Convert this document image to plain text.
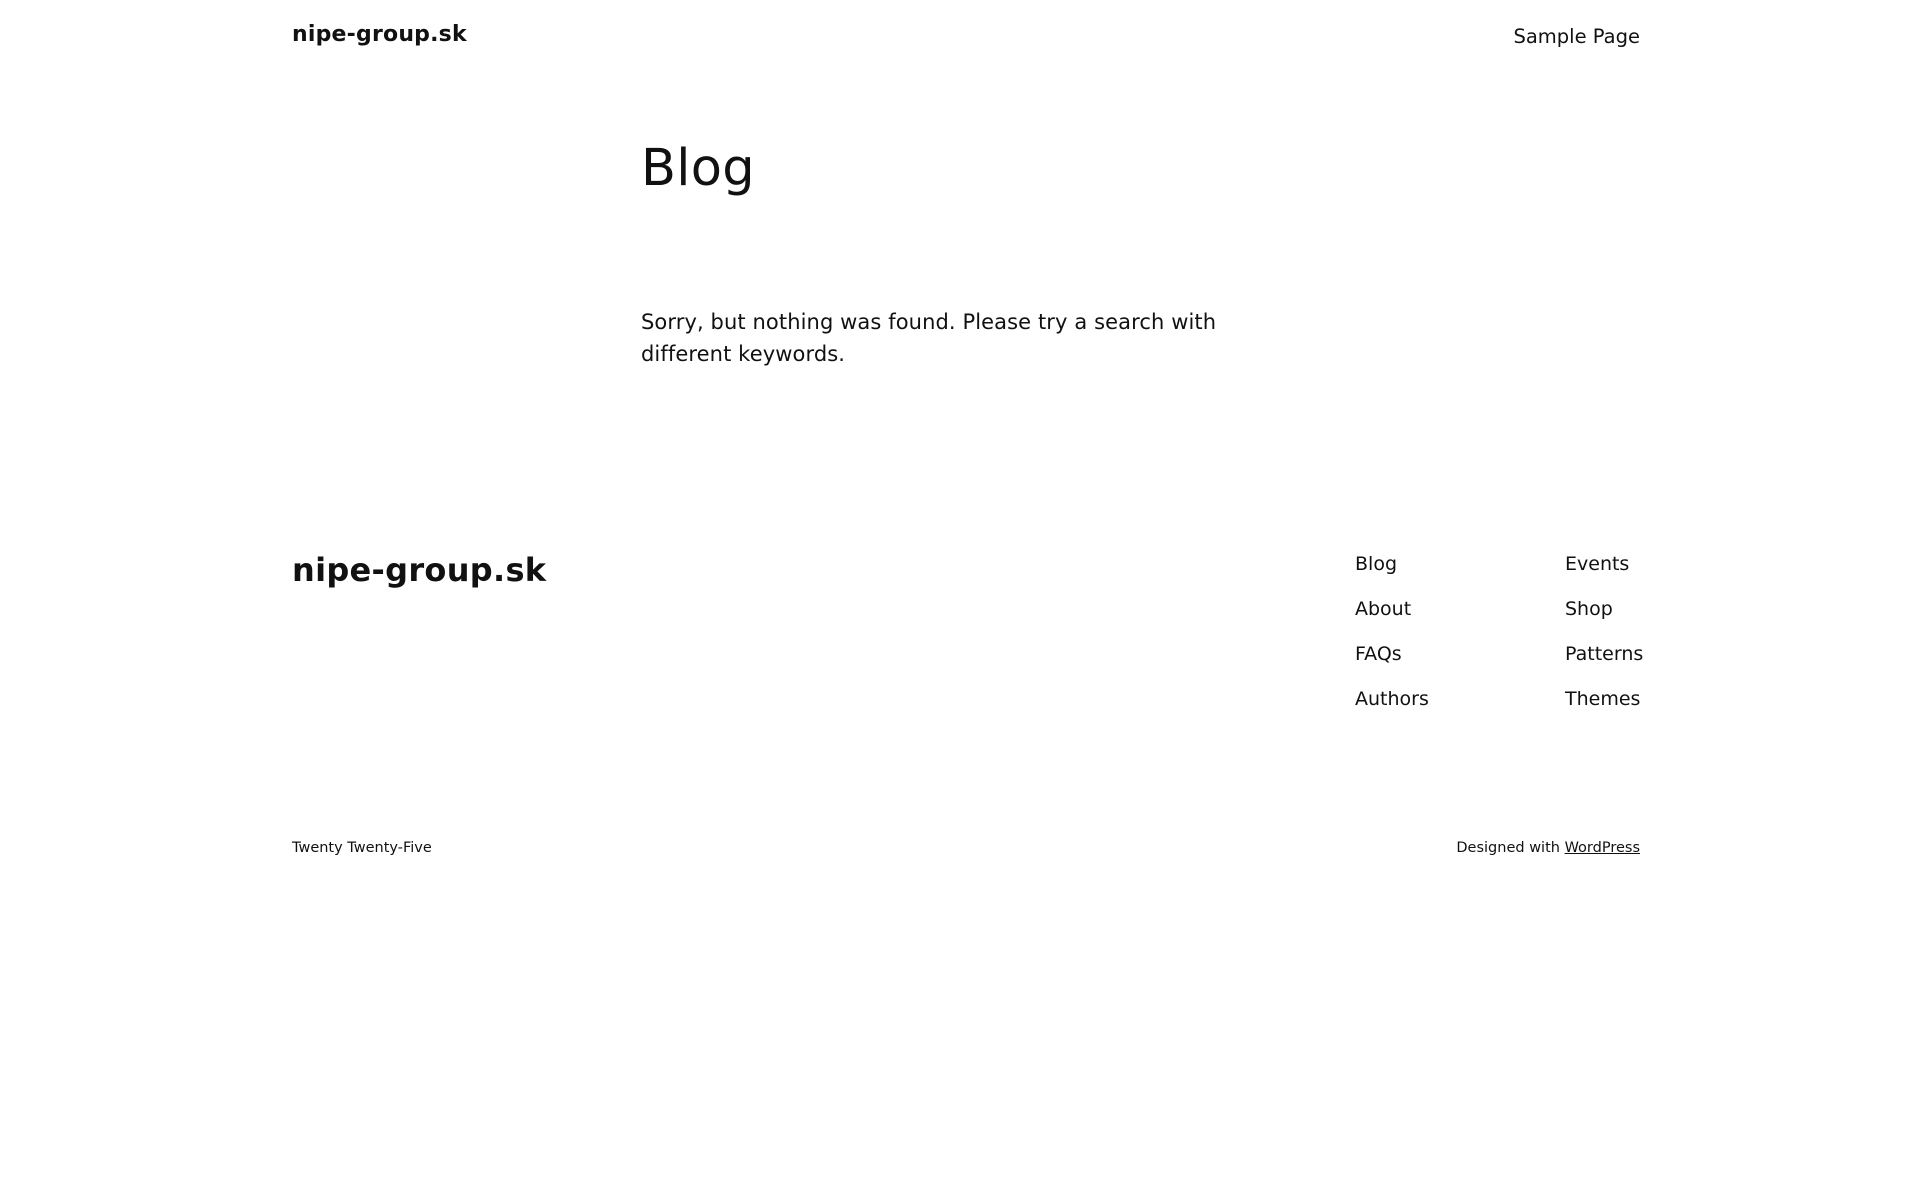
nipe-group.sk	Sample Page
Blog

Sorry, but nothing was found. Please try a search with different keywords.

nipe-group.sk	Blog
About
FAQs
Authors
Events
Shop
Patterns
Themes
Twenty Twenty-Five	Designed with WordPress
